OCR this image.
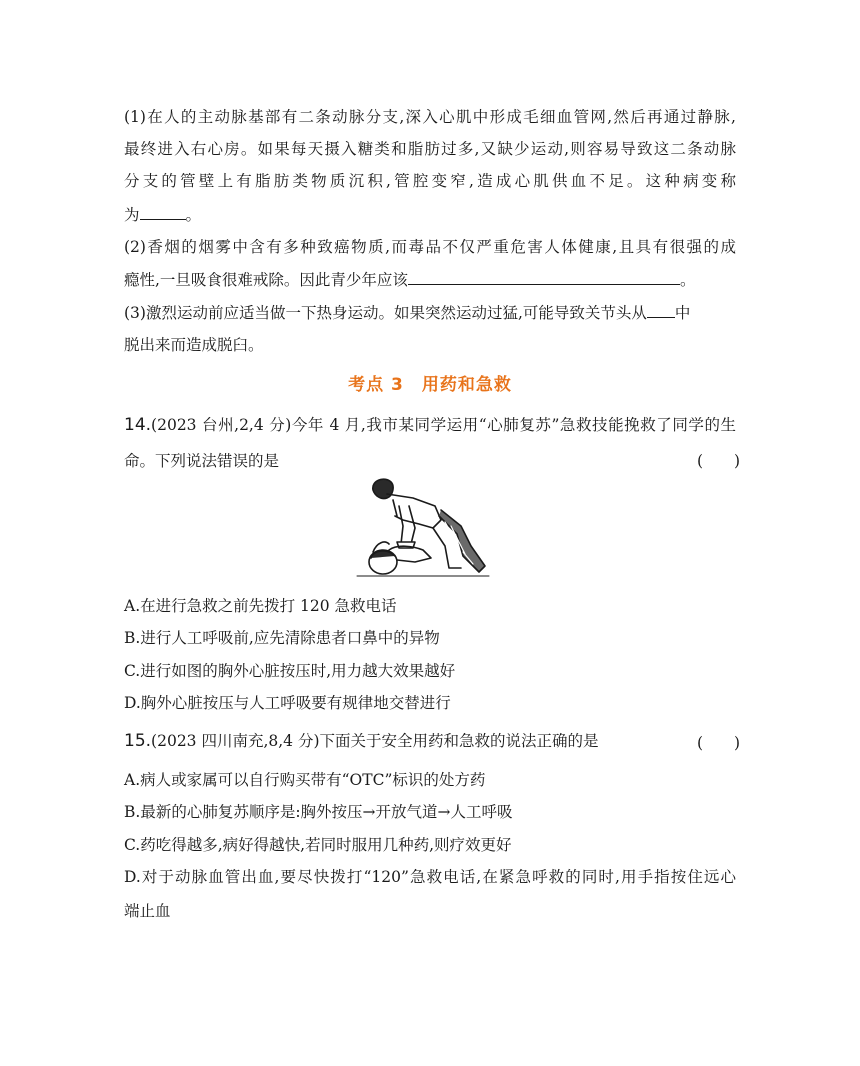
(1)在人的主动脉基部有二条动脉分支,深入心肌中形成毛细血管网,然后再通过静脉,
最终进入右心房。如果每天摄入糖类和脂肪过多,又缺少运动,则容易导致这二条动脉
分支的管壁上有脂肪类物质沉积,管腔变窄,造成心肌供血不足。这种病变称
为	。
(2)香烟的烟雾中含有多种致癌物质,而毒品不仅严重危害人体健康,且具有很强的成
瘾性,一旦吸食很难戒除。因此青少年应该	。
(3)激烈运动前应适当做一下热身运动。如果突然运动过猛,可能导致关节头从 中
脱出来而造成脱臼。
考点 3　用药和急救
14.(2023 台州,2,4 分)今年 4 月,我市某同学运用“心肺复苏”急救技能挽救了同学的生
命。下列说法错误的是	(　　)
A.在进行急救之前先拨打 120 急救电话
B.进行人工呼吸前,应先清除患者口鼻中的异物
C.进行如图的胸外心脏按压时,用力越大效果越好
D.胸外心脏按压与人工呼吸要有规律地交替进行
15.(2023 四川南充,8,4 分)下面关于安全用药和急救的说法正确的是	(　　)
A.病人或家属可以自行购买带有“OTC”标识的处方药
B.最新的心肺复苏顺序是:胸外按压→开放气道→人工呼吸
C.药吃得越多,病好得越快,若同时服用几种药,则疗效更好
D.对于动脉血管出血,要尽快拨打“120”急救电话,在紧急呼救的同时,用手指按住远心
端止血
